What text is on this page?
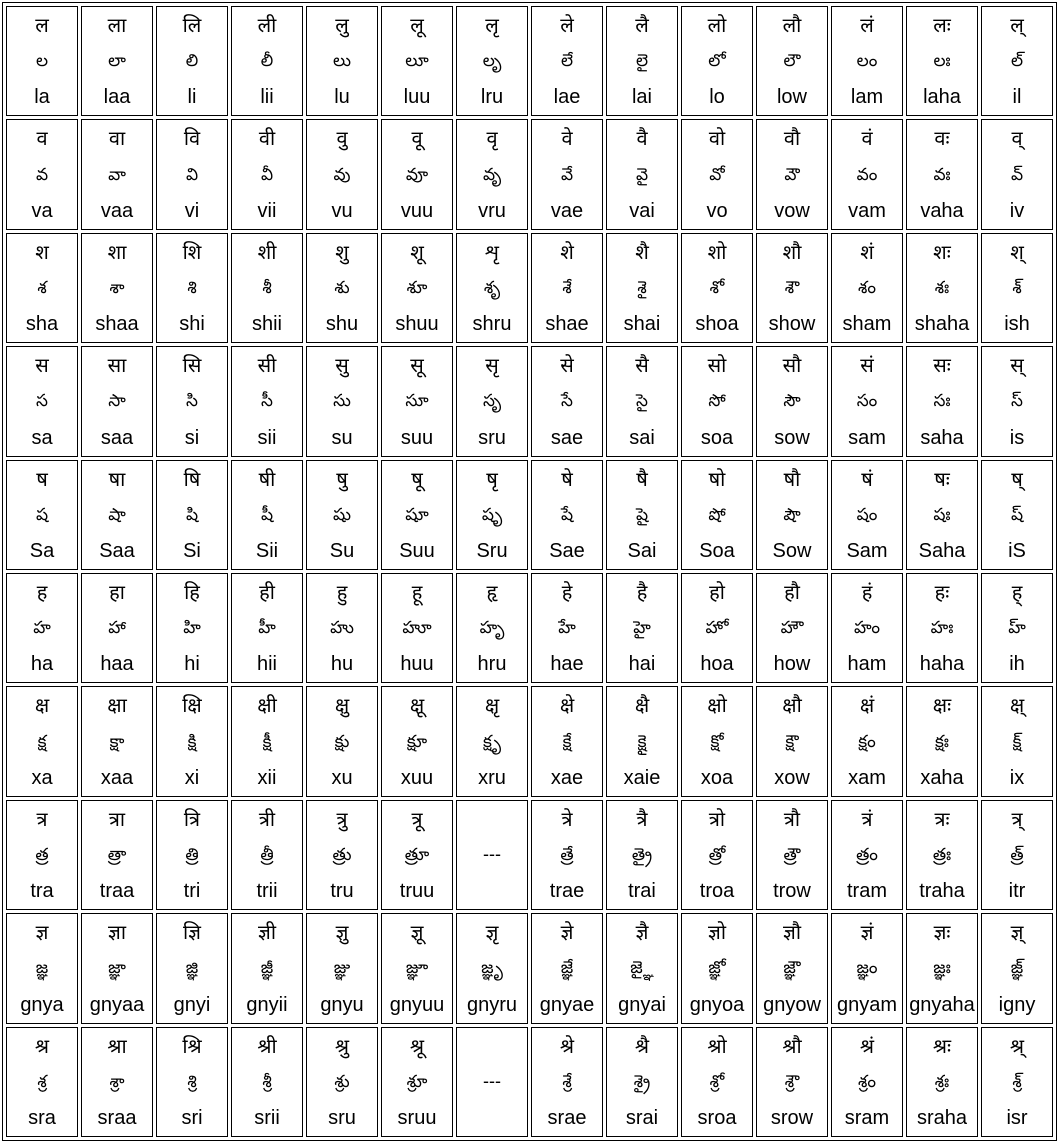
ल
ల
la
ला
లా
laa
लि
లి
li
ली
లీ
lii
लु
లు
lu
लू
లూ
luu
लृ
లృ
lru
ले
లే
lae
लै
లై
lai
लो
లో
lo
लौ
లౌ
low
लं
లం
lam
लः
లః
laha
ल्
ల్
il
व
వ
va
वा
వా
vaa
वि
వి
vi
वी
వీ
vii
वु
వు
vu
वू
వూ
vuu
वृ
వృ
vru
वे
వే
vae
वै
వై
vai
वो
వో
vo
वौ
వౌ
vow
वं
వం
vam
वः
వః
vaha
व्
వ్
iv
श
శ
sha
शा
శా
shaa
शि
శి
shi
शी
శీ
shii
शु
శు
shu
शू
శూ
shuu
शृ
శృ
shru
शे
శే
shae
शै
శై
shai
शो
శో
shoa
शौ
శౌ
show
शं
శం
sham
शः
శః
shaha
श्
శ్
ish
स
స
sa
सा
సా
saa
सि
సి
si
सी
సీ
sii
सु
సు
su
सू
సూ
suu
सृ
సృ
sru
से
సే
sae
सै
సై
sai
सो
సో
soa
सौ
సౌ
sow
सं
సం
sam
सः
సః
saha
स्
స్
is
ष
ష
Sa
षा
షా
Saa
षि
షి
Si
षी
షీ
Sii
षु
షు
Su
षू
షూ
Suu
षृ
షృ
Sru
षे
షే
Sae
षै
షై
Sai
षो
షో
Soa
षौ
షౌ
Sow
षं
షం
Sam
षः
షః
Saha
ष्
ష్
iS
ह
హ
ha
हा
హా
haa
हि
హి
hi
ही
హీ
hii
हु
హు
hu
हू
హూ
huu
हृ
హృ
hru
हे
హే
hae
है
హై
hai
हो
హో
hoa
हौ
హౌ
how
हं
హం
ham
हः
హః
haha
ह्
హ్
ih
क्ष
క్ష
xa
क्षा
క్షా
xaa
क्षि
క్షి
xi
क्षी
క్షీ
xii
क्षु
క్షు
xu
क्षू
క్షూ
xuu
क्षृ
క్షృ
xru
क्षे
క్షే
xae
क्षै
క్షై
xaie
क्षो
క్షో
xoa
क्षौ
క్షౌ
xow
क्षं
క్షం
xam
क्षः
క్షః
xaha
क्ष्
క్ష్
ix
त्र
త్ర
tra
त्रा
త్రా
traa
त्रि
త్రి
tri
त्री
త్రీ
trii
त्रु
త్రు
tru
त्रू
త్రూ
truu
---
त्रे
త్రే
trae
त्रै
త్రై
trai
त्रो
త్రో
troa
त्रौ
త్రౌ
trow
त्रं
త్రం
tram
त्रः
త్రః
traha
त्र्
త్ర్
itr
ज्ञ
జ్ఞ
gnya
ज्ञा
జ్ఞా
gnyaa
ज्ञि
జ్ఞి
gnyi
ज्ञी
జ్ఞీ
gnyii
ज्ञु
జ్ఞు
gnyu
ज्ञू
జ్ఞూ
gnyuu
ज्ञृ
జ్ఞృ
gnyru
ज्ञे
జ్ఞే
gnyae
ज्ञै
జ్ఞై
gnyai
ज्ञो
జ్ఞో
gnyoa
ज्ञौ
జ్ఞౌ
gnyow
ज्ञं
జ్ఞం
gnyam
ज्ञः
జ్ఞః
gnyaha
ज्ञ्
జ్ఞ్
igny
श्र
శ్ర
sra
श्रा
శ్రా
sraa
श्रि
శ్రి
sri
श्री
శ్రీ
srii
श्रु
శ్రు
sru
श्रू
శ్రూ
sruu
---
श्रे
శ్రే
srae
श्रै
శ్రై
srai
श्रो
శ్రో
sroa
श्रौ
శ్రౌ
srow
श्रं
శ్రం
sram
श्रः
శ్రః
sraha
श्र्
శ్ర్
isr
